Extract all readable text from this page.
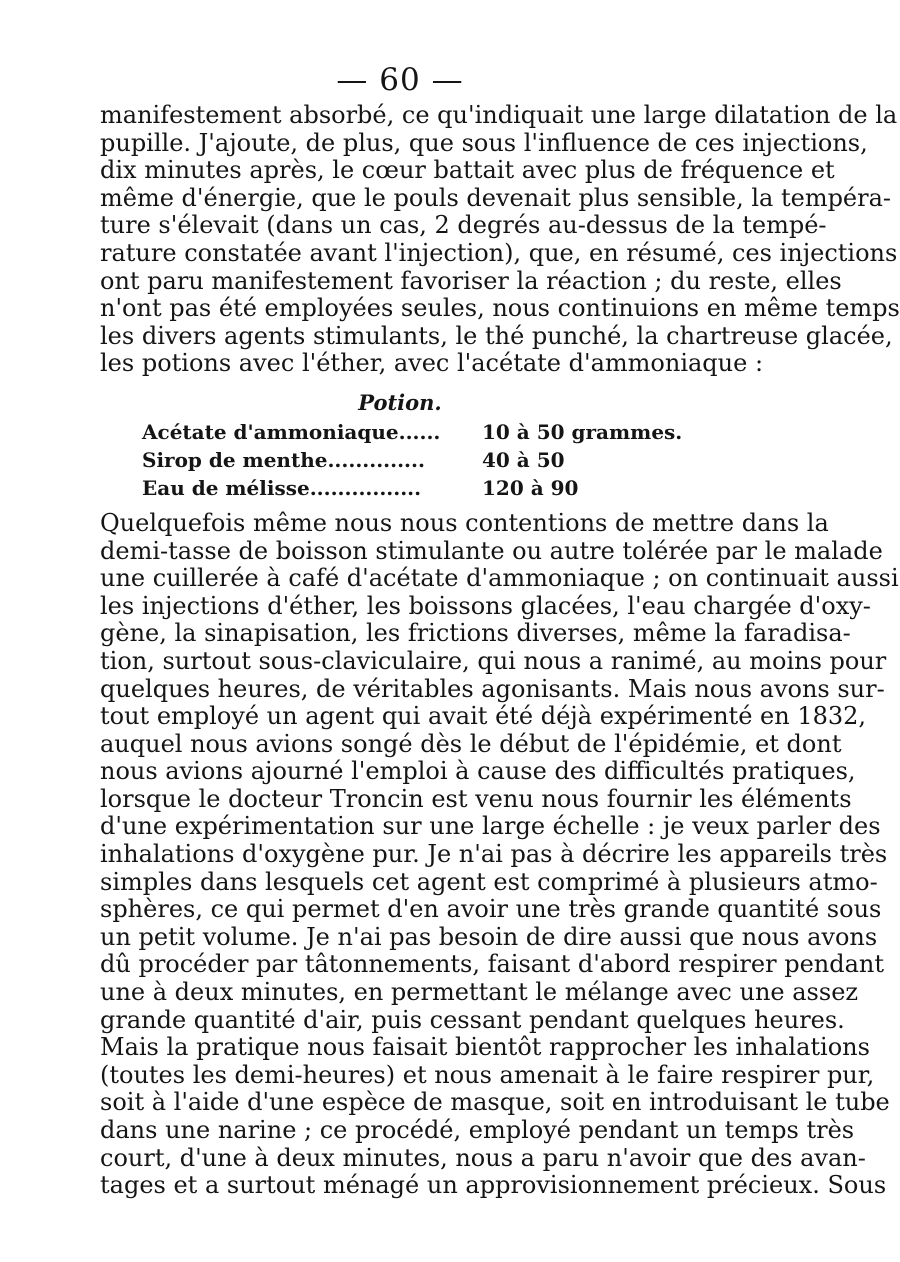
— 60 —

manifestement absorbé, ce qu'indiquait une large dilatation de la
pupille. J'ajoute, de plus, que sous l'influence de ces injections,
dix minutes après, le cœur battait avec plus de fréquence et
même d'énergie, que le pouls devenait plus sensible, la tempéra-
ture s'élevait (dans un cas, 2 degrés au-dessus de la tempé-
rature constatée avant l'injection), que, en résumé, ces injections
ont paru manifestement favoriser la réaction ; du reste, elles
n'ont pas été employées seules, nous continuions en même temps
les divers agents stimulants, le thé punché, la chartreuse glacée,
les potions avec l'éther, avec l'acétate d'ammoniaque :

Potion.
Acétate d'ammoniaque......	10 à 50 grammes.
Sirop de menthe..............	40 à 50
Eau de mélisse................	120 à 90

Quelquefois même nous nous contentions de mettre dans la
demi-tasse de boisson stimulante ou autre tolérée par le malade
une cuillerée à café d'acétate d'ammoniaque ; on continuait aussi
les injections d'éther, les boissons glacées, l'eau chargée d'oxy-
gène, la sinapisation, les frictions diverses, même la faradisa-
tion, surtout sous-claviculaire, qui nous a ranimé, au moins pour
quelques heures, de véritables agonisants. Mais nous avons sur-
tout employé un agent qui avait été déjà expérimenté en 1832,
auquel nous avions songé dès le début de l'épidémie, et dont
nous avions ajourné l'emploi à cause des difficultés pratiques,
lorsque le docteur Troncin est venu nous fournir les éléments
d'une expérimentation sur une large échelle : je veux parler des
inhalations d'oxygène pur. Je n'ai pas à décrire les appareils très
simples dans lesquels cet agent est comprimé à plusieurs atmo-
sphères, ce qui permet d'en avoir une très grande quantité sous
un petit volume. Je n'ai pas besoin de dire aussi que nous avons
dû procéder par tâtonnements, faisant d'abord respirer pendant
une à deux minutes, en permettant le mélange avec une assez
grande quantité d'air, puis cessant pendant quelques heures.
Mais la pratique nous faisait bientôt rapprocher les inhalations
(toutes les demi-heures) et nous amenait à le faire respirer pur,
soit à l'aide d'une espèce de masque, soit en introduisant le tube
dans une narine ; ce procédé, employé pendant un temps très
court, d'une à deux minutes, nous a paru n'avoir que des avan-
tages et a surtout ménagé un approvisionnement précieux. Sous
